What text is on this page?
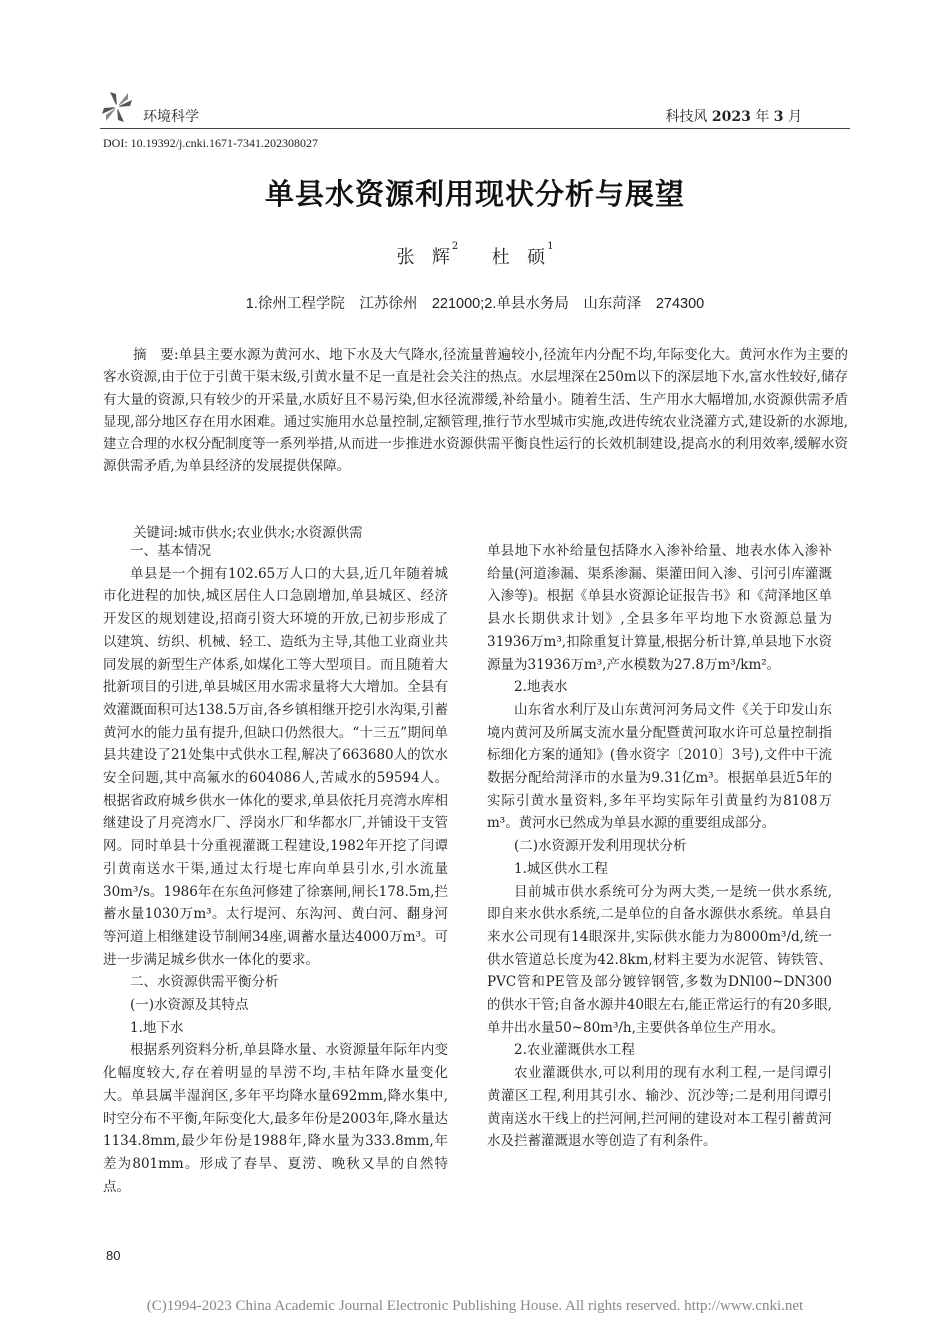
环境科学	科技风 2023 年 3 月
DOI: 10.19392/j.cnki.1671-7341.202308027
单县水资源利用现状分析与展望
张  辉$^2$  杜  硕$^1$
1.徐州工程学院　江苏徐州　221000;2.单县水务局　山东菏泽　274300
摘　要:单县主要水源为黄河水、地下水及大气降水,径流量普遍较小,径流年内分配不均,年际变化大。黄河水作为主要的客水资源,由于位于引黄干渠末级,引黄水量不足一直是社会关注的热点。水层埋深在250m以下的深层地下水,富水性较好,储存有大量的资源,只有较少的开采量,水质好且不易污染,但水径流滞缓,补给量小。随着生活、生产用水大幅增加,水资源供需矛盾显现,部分地区存在用水困难。通过实施用水总量控制,定额管理,推行节水型城市实施,改进传统农业浇灌方式,建设新的水源地,建立合理的水权分配制度等一系列举措,从而进一步推进水资源供需平衡良性运行的长效机制建设,提高水的利用效率,缓解水资源供需矛盾,为单县经济的发展提供保障。
关键词:城市供水;农业供水;水资源供需

一、基本情况

单县是一个拥有102.65万人口的大县,近几年随着城市化进程的加快,城区居住人口急剧增加,单县城区、经济开发区的规划建设,招商引资大环境的开放,已初步形成了以建筑、纺织、机械、轻工、造纸为主导,其他工业商业共同发展的新型生产体系,如煤化工等大型项目。而且随着大批新项目的引进,单县城区用水需求量将大大增加。全县有效灌溉面积可达138.5万亩,各乡镇相继开挖引水沟渠,引蓄黄河水的能力虽有提升,但缺口仍然很大。“十三五”期间单县共建设了21处集中式供水工程,解决了663680人的饮水安全问题,其中高氟水的604086人,苦咸水的59594人。根据省政府城乡供水一体化的要求,单县依托月亮湾水库相继建设了月亮湾水厂、浮岗水厂和华都水厂,并铺设干支管网。同时单县十分重视灌溉工程建设,1982年开挖了闫谭引黄南送水干渠,通过太行堤七库向单县引水,引水流量30m³/s。1986年在东鱼河修建了徐寨闸,闸长178.5m,拦蓄水量1030万m³。太行堤河、东沟河、黄白河、翻身河等河道上相继建设节制闸34座,调蓄水量达4000万m³。可进一步满足城乡供水一体化的要求。

二、水资源供需平衡分析

(一)水资源及其特点

1.地下水

根据系列资料分析,单县降水量、水资源量年际年内变化幅度较大,存在着明显的旱涝不均,丰枯年降水量变化大。单县属半湿润区,多年平均降水量692mm,降水集中,时空分布不平衡,年际变化大,最多年份是2003年,降水量达1134.8mm,最少年份是1988年,降水量为333.8mm,年差为801mm。形成了春旱、夏涝、晚秋又旱的自然特点。

单县地下水补给量包括降水入渗补给量、地表水体入渗补给量(河道渗漏、渠系渗漏、渠灌田间入渗、引河引库灌溉入渗等)。根据《单县水资源论证报告书》和《菏泽地区单县水长期供求计划》,全县多年平均地下水资源总量为31936万m³,扣除重复计算量,根据分析计算,单县地下水资源量为31936万m³,产水模数为27.8万m³/km²。

2.地表水

山东省水利厅及山东黄河河务局文件《关于印发山东境内黄河及所属支流水量分配暨黄河取水许可总量控制指标细化方案的通知》(鲁水资字〔2010〕3号),文件中干流数据分配给菏泽市的水量为9.31亿m³。根据单县近5年的实际引黄水量资料,多年平均实际年引黄量约为8108万m³。黄河水已然成为单县水源的重要组成部分。

(二)水资源开发利用现状分析

1.城区供水工程

目前城市供水系统可分为两大类,一是统一供水系统,即自来水供水系统,二是单位的自备水源供水系统。单县自来水公司现有14眼深井,实际供水能力为8000m³/d,统一供水管道总长度为42.8km,材料主要为水泥管、铸铁管、PVC管和PE管及部分镀锌钢管,多数为DNl00~DN300的供水干管;自备水源井40眼左右,能正常运行的有20多眼,单井出水量50~80m³/h,主要供各单位生产用水。

2.农业灌溉供水工程

农业灌溉供水,可以利用的现有水利工程,一是闫谭引黄灌区工程,利用其引水、输沙、沉沙等;二是利用闫谭引黄南送水干线上的拦河闸,拦河闸的建设对本工程引蓄黄河水及拦蓄灌溉退水等创造了有利条件。

80
(C)1994-2023 China Academic Journal Electronic Publishing House. All rights reserved. http://www.cnki.net
